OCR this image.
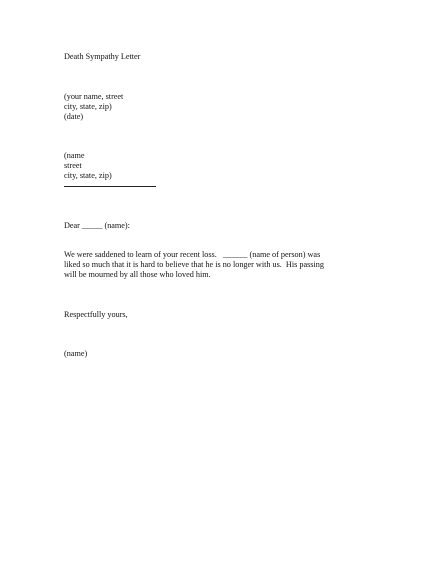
Death Sympathy Letter

(your name, street

city, state, zip)

(date)

(name

street

city, state, zip)

Dear _____ (name):

We were saddened to learn of your recent loss.   ______ (name of person) was

liked so much that it is hard to believe that he is no longer with us.  His passing

will be mourned by all those who loved him.

Respectfully yours,

(name)
